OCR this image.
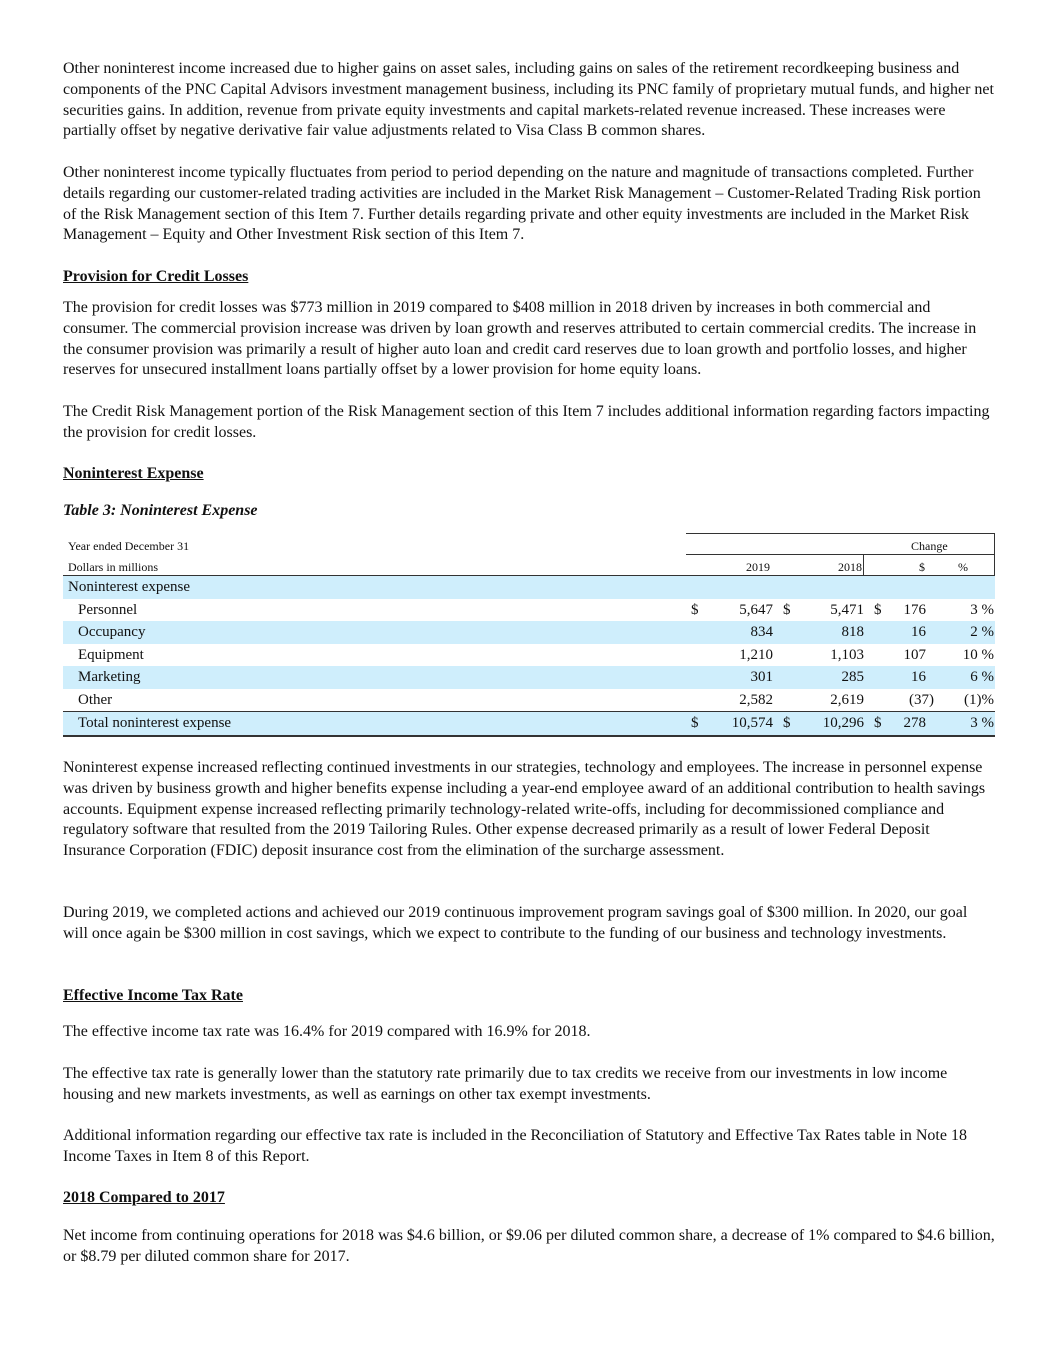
Other noninterest income increased due to higher gains on asset sales, including gains on sales of the retirement recordkeeping business and components of the PNC Capital Advisors investment management business, including its PNC family of proprietary mutual funds, and higher net securities gains. In addition, revenue from private equity investments and capital markets-related revenue increased. These increases were partially offset by negative derivative fair value adjustments related to Visa Class B common shares.

Other noninterest income typically fluctuates from period to period depending on the nature and magnitude of transactions completed. Further details regarding our customer-related trading activities are included in the Market Risk Management – Customer-Related Trading Risk portion of the Risk Management section of this Item 7. Further details regarding private and other equity investments are included in the Market Risk Management – Equity and Other Investment Risk section of this Item 7.

Provision for Credit Losses

The provision for credit losses was $773 million in 2019 compared to $408 million in 2018 driven by increases in both commercial and consumer. The commercial provision increase was driven by loan growth and reserves attributed to certain commercial credits. The increase in the consumer provision was primarily a result of higher auto loan and credit card reserves due to loan growth and portfolio losses, and higher reserves for unsecured installment loans partially offset by a lower provision for home equity loans.

The Credit Risk Management portion of the Risk Management section of this Item 7 includes additional information regarding factors impacting the provision for credit losses.

Noninterest Expense
Table 3: Noninterest Expense
Year ended December 31	Change
Dollars in millions	2019	2018	$	%
Noninterest expense
Personnel	$	5,647 $	5,471 $ 176	3 %
Occupancy	834	818	16	2 %
Equipment	1,210	1,103	107 10 %
Marketing	301	285	16	6 %
Other	2,582	2,619	(37) (1)%
Total noninterest expense	$ 10,574 $ 10,296 $ 278	3 %

Noninterest expense increased reflecting continued investments in our strategies, technology and employees. The increase in personnel expense was driven by business growth and higher benefits expense including a year-end employee award of an additional contribution to health savings accounts. Equipment expense increased reflecting primarily technology-related write-offs, including for decommissioned compliance and regulatory software that resulted from the 2019 Tailoring Rules. Other expense decreased primarily as a result of lower Federal Deposit Insurance Corporation (FDIC) deposit insurance cost from the elimination of the surcharge assessment.

During 2019, we completed actions and achieved our 2019 continuous improvement program savings goal of $300 million. In 2020, our goal will once again be $300 million in cost savings, which we expect to contribute to the funding of our business and technology investments.

Effective Income Tax Rate

The effective income tax rate was 16.4% for 2019 compared with 16.9% for 2018.

The effective tax rate is generally lower than the statutory rate primarily due to tax credits we receive from our investments in low income housing and new markets investments, as well as earnings on other tax exempt investments.

Additional information regarding our effective tax rate is included in the Reconciliation of Statutory and Effective Tax Rates table in Note 18 Income Taxes in Item 8 of this Report.

2018 Compared to 2017

Net income from continuing operations for 2018 was $4.6 billion, or $9.06 per diluted common share, a decrease of 1% compared to $4.6 billion, or $8.79 per diluted common share for 2017.
